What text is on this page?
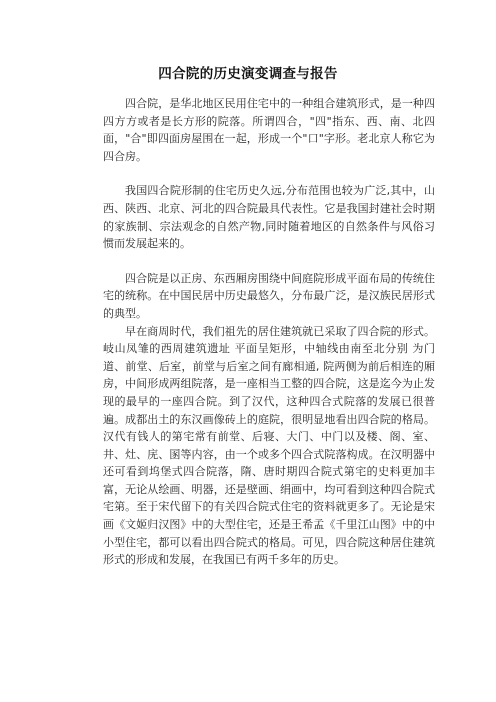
四合院的历史演变调查与报告

四合院，是华北地区民用住宅中的一种组合建筑形式，是一种四四方方或者是长方形的院落。所谓四合，"四"指东、西、南、北四面，"合"即四面房屋围在一起，形成一个"口"字形。老北京人称它为四合房。

我国四合院形制的住宅历史久远,分布范围也较为广泛,其中，山西、陕西、北京、河北的四合院最具代表性。它是我国封建社会时期的家族制、宗法观念的自然产物,同时随着地区的自然条件与风俗习惯而发展起来的。

四合院是以正房、东西厢房围绕中间庭院形成平面布局的传统住宅的统称。在中国民居中历史最悠久，分布最广泛，是汉族民居形式的典型。

早在商周时代，我们祖先的居住建筑就已采取了四合院的形式。岐山凤雏的西周建筑遗址 平面呈矩形，中轴线由南至北分别 为门道、前堂、后室，前堂与后室之间有廊相通, 院两侧为前后相连的厢房，中间形成两组院落，是一座相当工整的四合院，这是迄今为止发现的最早的一座四合院。到了汉代，这种四合式院落的发展已很普遍。成都出土的东汉画像砖上的庭院，很明显地看出四合院的格局。汉代有钱人的第宅常有前堂、后寝、大门、中门以及楼、阁、室、井、灶、庑、圂等内容，由一个或多个四合式院落构成。在汉明器中还可看到坞堡式四合院落，隋、唐时期四合院式第宅的史料更加丰富，无论从绘画、明器，还是壁画、绢画中，均可看到这种四合院式宅第。至于宋代留下的有关四合院式住宅的资料就更多了。无论是宋画《文姬归汉图》中的大型住宅，还是王希孟《千里江山图》中的中小型住宅，都可以看出四合院式的格局。可见，四合院这种居住建筑形式的形成和发展，在我国已有两千多年的历史。
